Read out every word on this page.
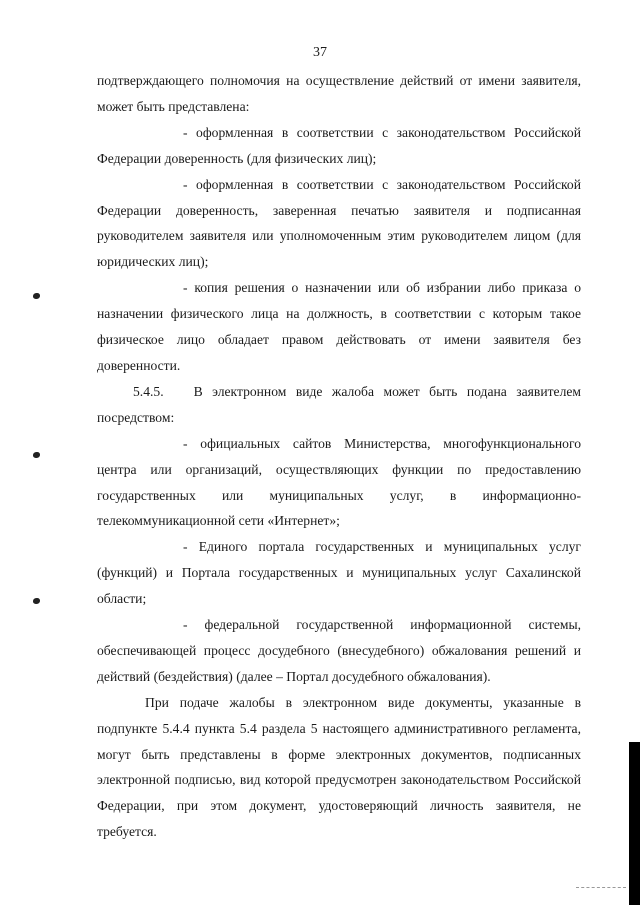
37

подтверждающего полномочия на осуществление действий от имени заявителя, может быть представлена:

- оформленная в соответствии с законодательством Российской Федерации доверенность (для физических лиц);

- оформленная в соответствии с законодательством Российской Федерации доверенность, заверенная печатью заявителя и подписанная руководителем заявителя или уполномоченным этим руководителем лицом (для юридических лиц);

- копия решения о назначении или об избрании либо приказа о назначении физического лица на должность, в соответствии с которым такое физическое лицо обладает правом действовать от имени заявителя без доверенности.

5.4.5. В электронном виде жалоба может быть подана заявителем посредством:

- официальных сайтов Министерства, многофункционального центра или организаций, осуществляющих функции по предоставлению государственных или муниципальных услуг, в информационно-телекоммуникационной сети «Интернет»;

- Единого портала государственных и муниципальных услуг (функций) и Портала государственных и муниципальных услуг Сахалинской области;

- федеральной государственной информационной системы, обеспечивающей процесс досудебного (внесудебного) обжалования решений и действий (бездействия) (далее – Портал досудебного обжалования).

При подаче жалобы в электронном виде документы, указанные в подпункте 5.4.4 пункта 5.4 раздела 5 настоящего административного регламента, могут быть представлены в форме электронных документов, подписанных электронной подписью, вид которой предусмотрен законодательством Российской Федерации, при этом документ, удостоверяющий личность заявителя, не требуется.
